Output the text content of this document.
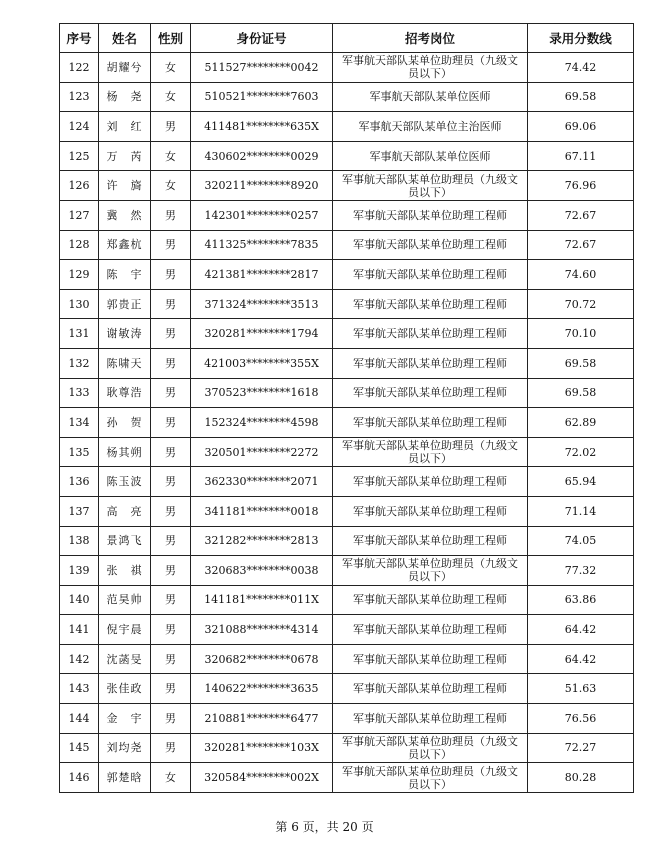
序号	姓名	性别	身份证号	招考岗位	录用分数线
122	胡耀兮	女	511527********0042	军事航天部队某单位助理员（九级文员以下）	74.42
123	杨　尧	女	510521********7603	军事航天部队某单位医师	69.58
124	刘　红	男	411481********635X	军事航天部队某单位主治医师	69.06
125	万　芮	女	430602********0029	军事航天部队某单位医师	67.11
126	许　旖	女	320211********8920	军事航天部队某单位助理员（九级文员以下）	76.96
127	冀　然	男	142301********0257	军事航天部队某单位助理工程师	72.67
128	郑鑫杭	男	411325********7835	军事航天部队某单位助理工程师	72.67
129	陈　宇	男	421381********2817	军事航天部队某单位助理工程师	74.60
130	郭贵正	男	371324********3513	军事航天部队某单位助理工程师	70.72
131	谢敏涛	男	320281********1794	军事航天部队某单位助理工程师	70.10
132	陈啸天	男	421003********355X	军事航天部队某单位助理工程师	69.58
133	耿尊浩	男	370523********1618	军事航天部队某单位助理工程师	69.58
134	孙　贺	男	152324********4598	军事航天部队某单位助理工程师	62.89
135	杨其朔	男	320501********2272	军事航天部队某单位助理员（九级文员以下）	72.02
136	陈玉波	男	362330********2071	军事航天部队某单位助理工程师	65.94
137	高　亮	男	341181********0018	军事航天部队某单位助理工程师	71.14
138	景鸿飞	男	321282********2813	军事航天部队某单位助理工程师	74.05
139	张　祺	男	320683********0038	军事航天部队某单位助理员（九级文员以下）	77.32
140	范昊帅	男	141181********011X	军事航天部队某单位助理工程师	63.86
141	倪宇晨	男	321088********4314	军事航天部队某单位助理工程师	64.42
142	沈菡旻	男	320682********0678	军事航天部队某单位助理工程师	64.42
143	张佳政	男	140622********3635	军事航天部队某单位助理工程师	51.63
144	金　宇	男	210881********6477	军事航天部队某单位助理工程师	76.56
145	刘均尧	男	320281********103X	军事航天部队某单位助理员（九级文员以下）	72.27
146	郭楚晗	女	320584********002X	军事航天部队某单位助理员（九级文员以下）	80.28
第 6 页，共 20 页
